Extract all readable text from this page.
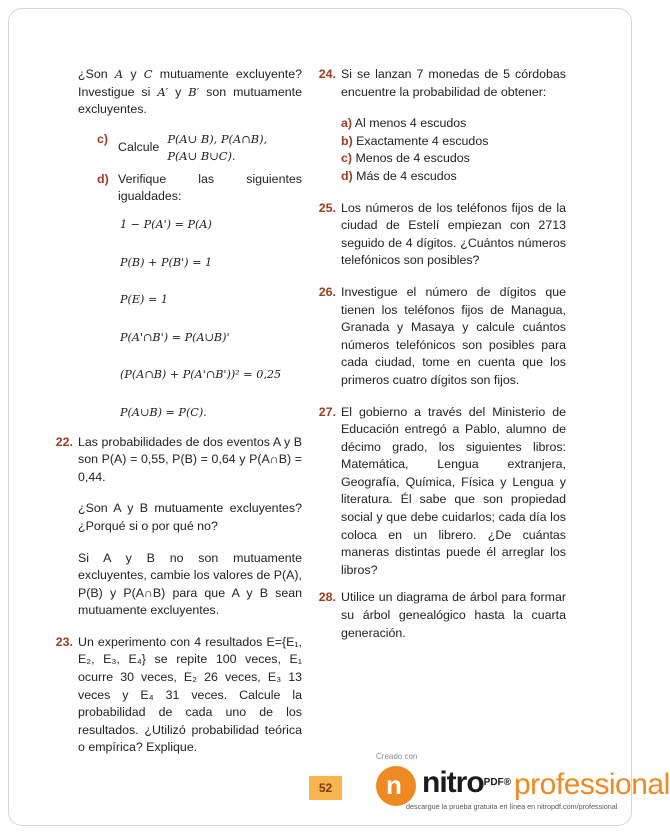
¿Son A y C mutuamente excluyente? Investigue si A′ y B′ son mutuamente excluyentes.
c)
Calcule
P(A∪ B), P(A∩B),
P(A∪ B∪C).
d) Verifique las siguientes igualdades:
1 − P(A') = P(A)
P(B) + P(B') = 1
P(E) = 1
P(A'∩B') = P(A∪B)'
(P(A∩B) + P(A'∩B'))² = 0,25
P(A∪B) = P(C).
22. Las probabilidades de dos eventos A y B son P(A) = 0,55, P(B) = 0,64 y P(A∩B) = 0,44.
¿Son A y B mutuamente excluyentes? ¿Porqué si o por qué no?
Si A y B no son mutuamente excluyentes, cambie los valores de P(A), P(B) y P(A∩B) para que A y B sean mutuamente excluyentes.
23. Un experimento con 4 resultados E={E₁, E₂, E₃, E₄} se repite 100 veces, E₁ ocurre 30 veces, E₂ 26 veces, E₃ 13 veces y E₄ 31 veces. Calcule la probabilidad de cada uno de los resultados. ¿Utilizó probabilidad teórica o empírica? Explique.
24. Si se lanzan 7 monedas de 5 córdobas encuentre la probabilidad de obtener:
a) Al menos 4 escudos
b) Exactamente 4 escudos
c) Menos de 4 escudos
d) Más de 4 escudos
25. Los números de los teléfonos fijos de la ciudad de Estelí empiezan con 2713 seguido de 4 dígitos. ¿Cuántos números telefónicos son posibles?
26. Investigue el número de dígitos que tienen los teléfonos fijos de Managua, Granada y Masaya y calcule cuántos números telefónicos son posibles para cada ciudad, tome en cuenta que los primeros cuatro dígitos son fijos.
27. El gobierno a través del Ministerio de Educación entregó a Pablo, alumno de décimo grado, los siguientes libros: Matemática, Lengua extranjera, Geografía, Química, Física y Lengua y literatura. Él sabe que son propiedad social y que debe cuidarlos; cada día los coloca en un librero. ¿De cuántas maneras distintas puede él arreglar los libros?
28. Utilice un diagrama de árbol para formar su árbol genealógico hasta la cuarta generación.
52
Creado con
n nitro$^{PDF®}$ professional
descargue la prueba gratuita en línea en nitropdf.com/professional
